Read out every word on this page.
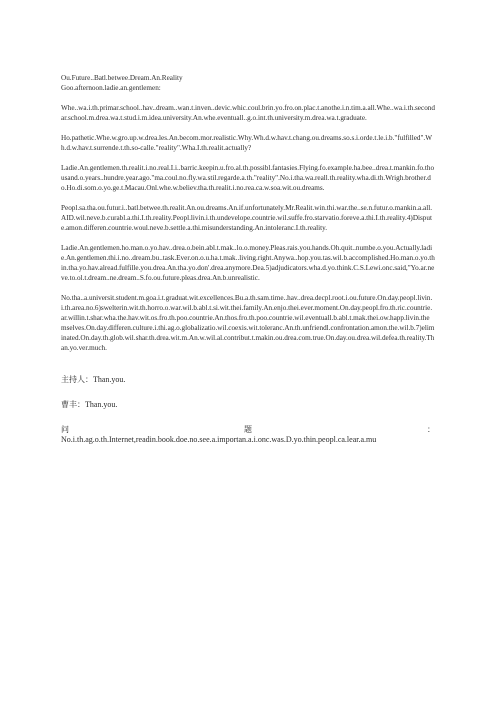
Ou.Future..Batl.betwee.Dream.An.Reality

Goo.afternoon.ladie.an.gentlemen:

Whe..wa.i.th.primar.school..hav..dream..wan.t.inven..devic.whic.coul.brin.yo.fro.on.plac.t.anothe.i.n.tim.a.all.Whe..wa.i.th.secondar.school.m.drea.wa.t.stud.i.m.idea.university.An.whe.eventuall..g.o.int.th.university.m.drea.wa.t.graduate.

Ho.pathetic.Whe.w.gro.up.w.drea.les.An.becom.mor.realistic.Why.Wh.d.w.hav.t.chang.ou.dreams.so.s.i.orde.t.le.i.b."fulfilled".Wh.d.w.hav.t.surrende.t.th.so-calle."reality".Wha.I.th.realit.actually?

Ladie.An.gentlemen.th.realit.i.no.real.I.i..barric.keepin.u.fro.al.th.possibl.fantasies.Flying.fo.example.ha.bee..drea.t.mankin.fo.thousand.o.years..hundre.year.ago."ma.coul.no.fly.wa.stil.regarde.a.th."reality".No.i.tha.wa.reall.th.reality.wha.di.th.Wrigh.brother.do.Ho.di.som.o.yo.ge.t.Macau.Onl.whe.w.believ.tha.th.realit.i.no.rea.ca.w.soa.wit.ou.dreams.

Peopl.sa.tha.ou.futur.i..batl.betwee.th.realit.An.ou.dreams.An.if.unfortunately.Mr.Realit.win.thi.war.the..se.n.futur.o.mankin.a.all.AID.wil.neve.b.curabl.a.thi.I.th.reality.Peopl.livin.i.th.undevelope.countrie.wil.suffe.fro.starvatio.foreve.a.thi.I.th.reality.4)Dispute.amon.differen.countrie.woul.neve.b.settle.a.thi.misunderstanding.An.intoleranc.I.th.reality.

Ladie.An.gentlemen.ho.man.o.yo.hav..drea.o.bein.abl.t.mak..lo.o.money.Pleas.rais.you.hands.Oh.quit..numbe.o.you.Actually.ladie.An.gentlemen.thi.i.no..dream.bu..task.Ever.on.o.u.ha.t.mak..living.right.Anywa..hop.you.tas.wil.b.accomplished.Ho.man.o.yo.thin.tha.yo.hav.alread.fulfille.you.drea.An.tha.yo.don'.drea.anymore.Dea.5)adjudicators.wha.d.yo.think.C.S.Lewi.onc.said,"Yo.ar.neve.to.ol.t.dream..ne.dream..S.fo.ou.future.pleas.drea.An.b.unrealistic.

No.tha..a.universit.student.m.goa.i.t.graduat.wit.excellences.Bu.a.th.sam.time..hav..drea.decpl.root.i.ou.future.On.day.peopl.livin.i.th.area.no.6)swelterin.wit.th.horro.o.war.wil.b.abl.t.si.wit.thei.family.An.enjo.thei.ever.moment.On.day.peopl.fro.th.ric.countrie.ar.willin.t.shar.wha.the.hav.wit.os.fro.th.poo.countrie.An.thos.fro.th.poo.countrie.wil.eventuall.b.abl.t.mak.thei.ow.happ.livin.themselves.On.day.differen.culture.i.thi.ag.o.globalizatio.wil.coexis.wit.toleranc.An.th.unfriendl.confrontation.amon.the.wil.b.7)eliminated.On.day.th.glob.wil.shar.th.drea.wit.m.An.w.wil.al.contribut.t.makin.ou.drea.com.true.On.day.ou.drea.wil.defea.th.reality.Than.yo.ver.much.

主持人：Than.you.

曹丰：Than.you.

问	题	：

No.i.th.ag.o.th.Internet,readin.book.doe.no.see.a.importan.a.i.onc.was.D.yo.thin.peopl.ca.lear.a.mu
